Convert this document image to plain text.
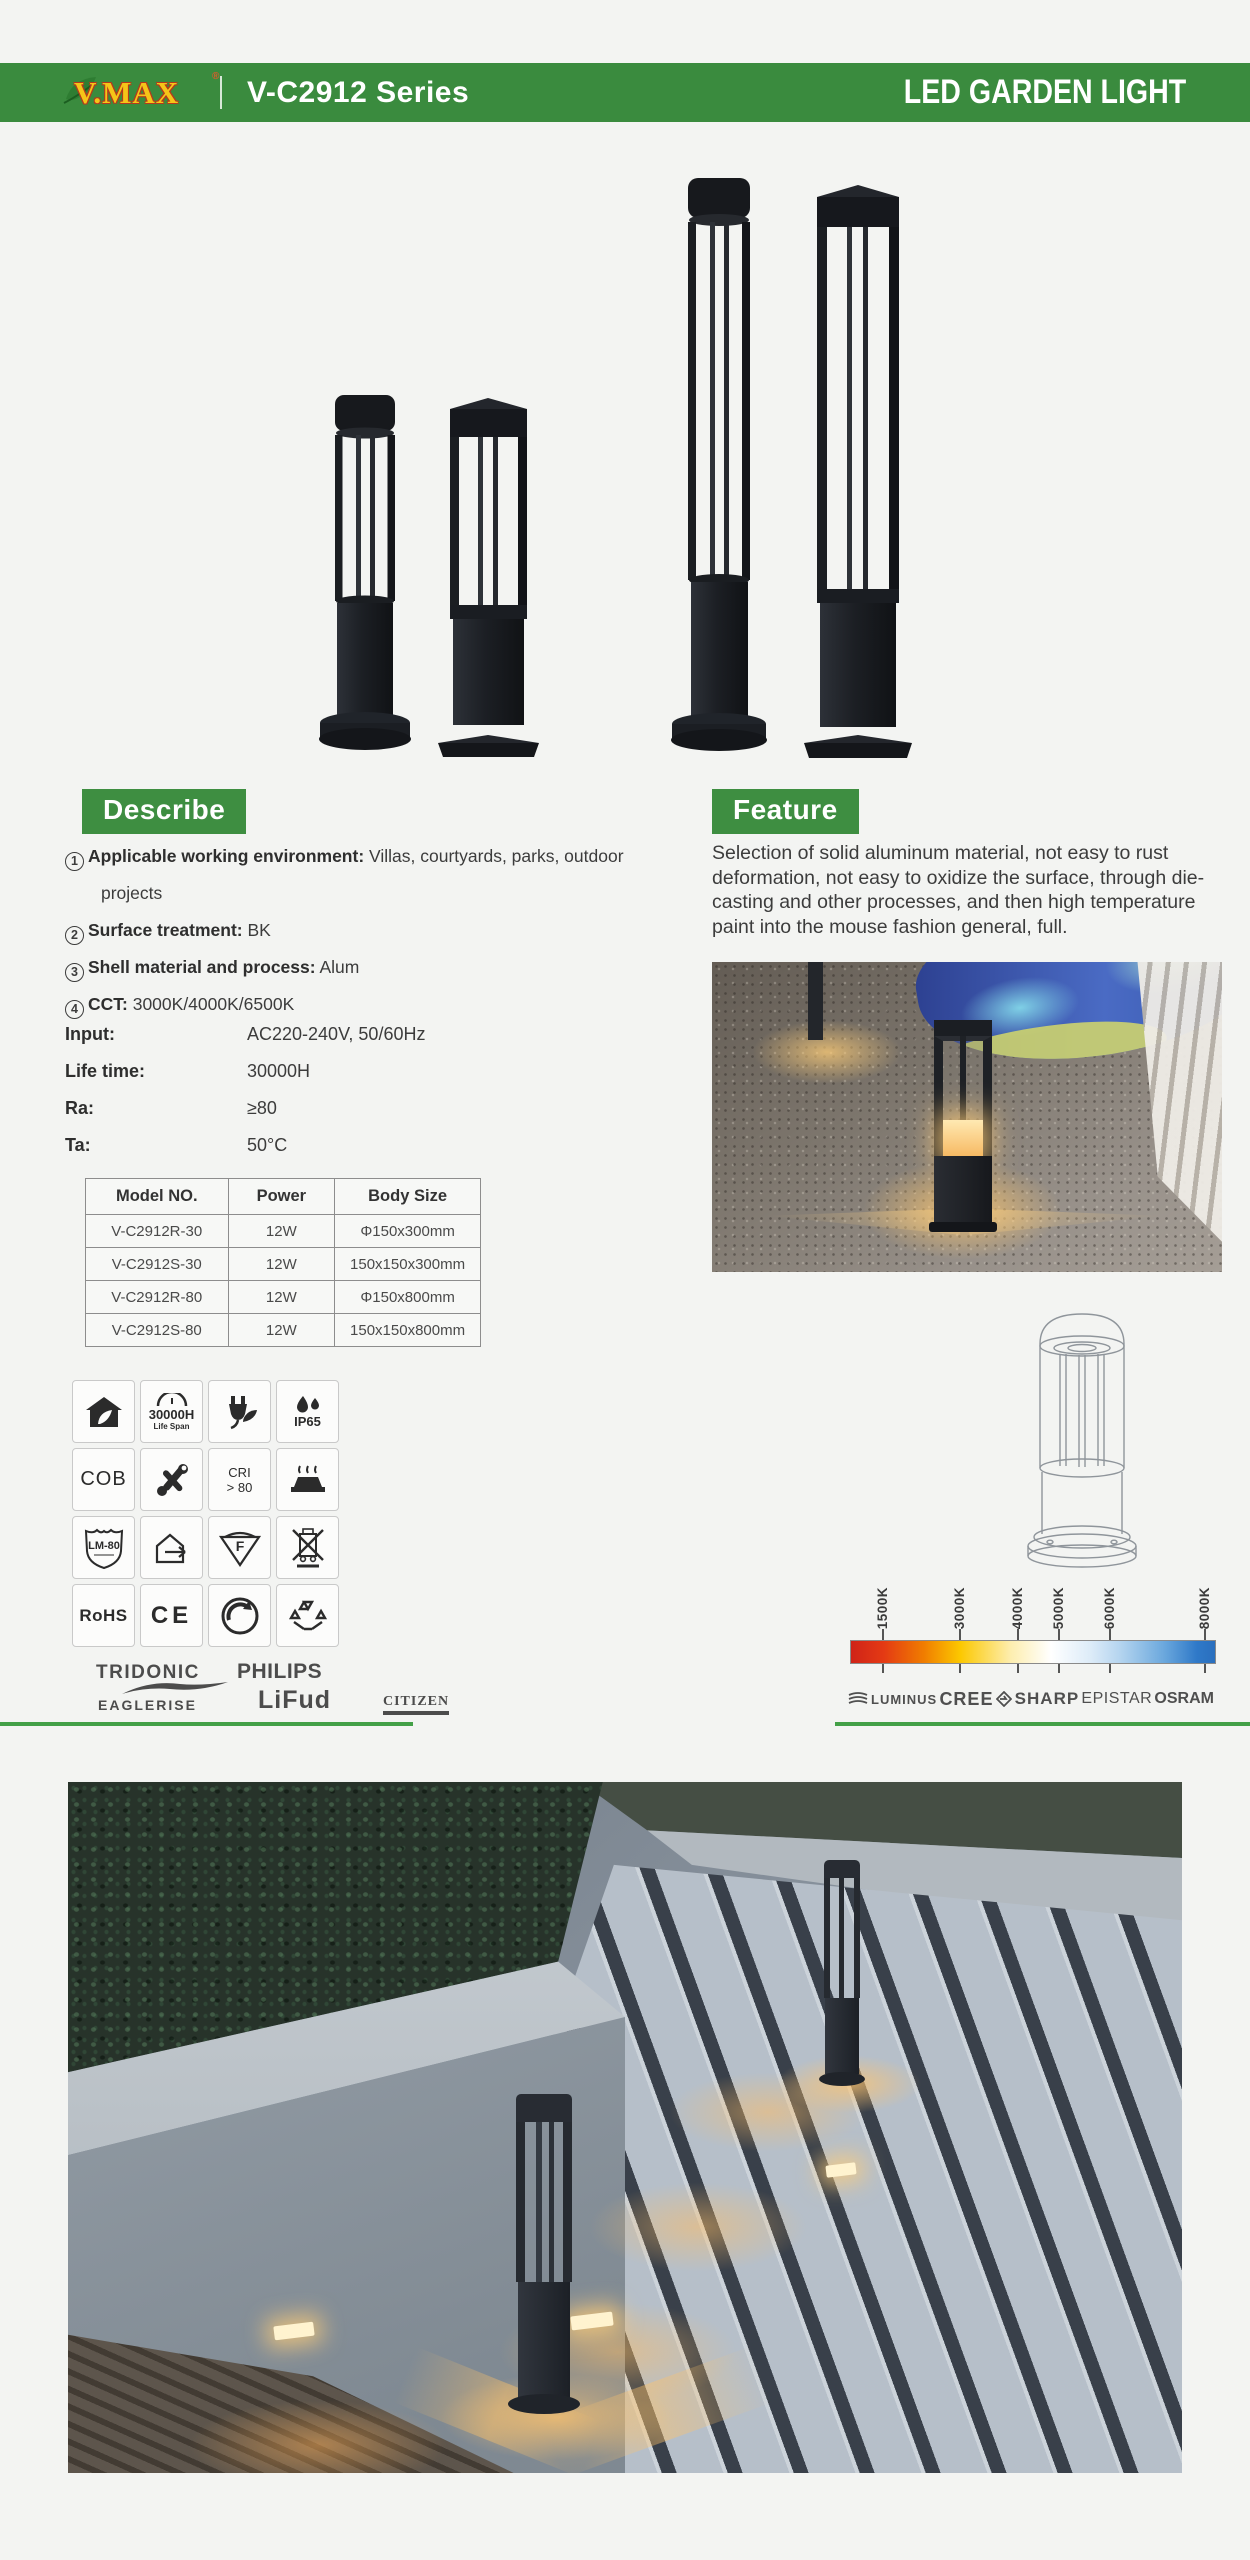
V.MAX	® V-C2912 Series	LED GARDEN LIGHT
Describe
1 Applicable working environment: Villas, courtyards, parks, outdoor projects
2 Surface treatment: BK
3 Shell material and process: Alum
4 CCT: 3000K/4000K/6500K
Input:	AC220-240V, 50/60Hz
Life time:	30000H
Ra:	≥80
Ta:	50°C
Model NO.	Power	Body Size
V-C2912R-30	12W	Φ150x300mm
V-C2912S-30	12W	150x150x300mm
V-C2912R-80	12W	Φ150x800mm
V-C2912S-80	12W	150x150x800mm
30000H
Life Span	IP65
COB	CRI
> 80
LM-80	F
RoHS CE
TRIDONIC PHILIPS
EAGLERISE LiFud	CITIZEN
Feature
Selection of solid aluminum material, not easy to rust deformation, not easy to oxidize the surface, through die-casting and other processes, and then high temperature paint into the mouse fashion general, full.
1500K	3000K	4000K 5000K	6000K	8000K
LUMINUS CREE SHARP EPISTAR OSRAM
